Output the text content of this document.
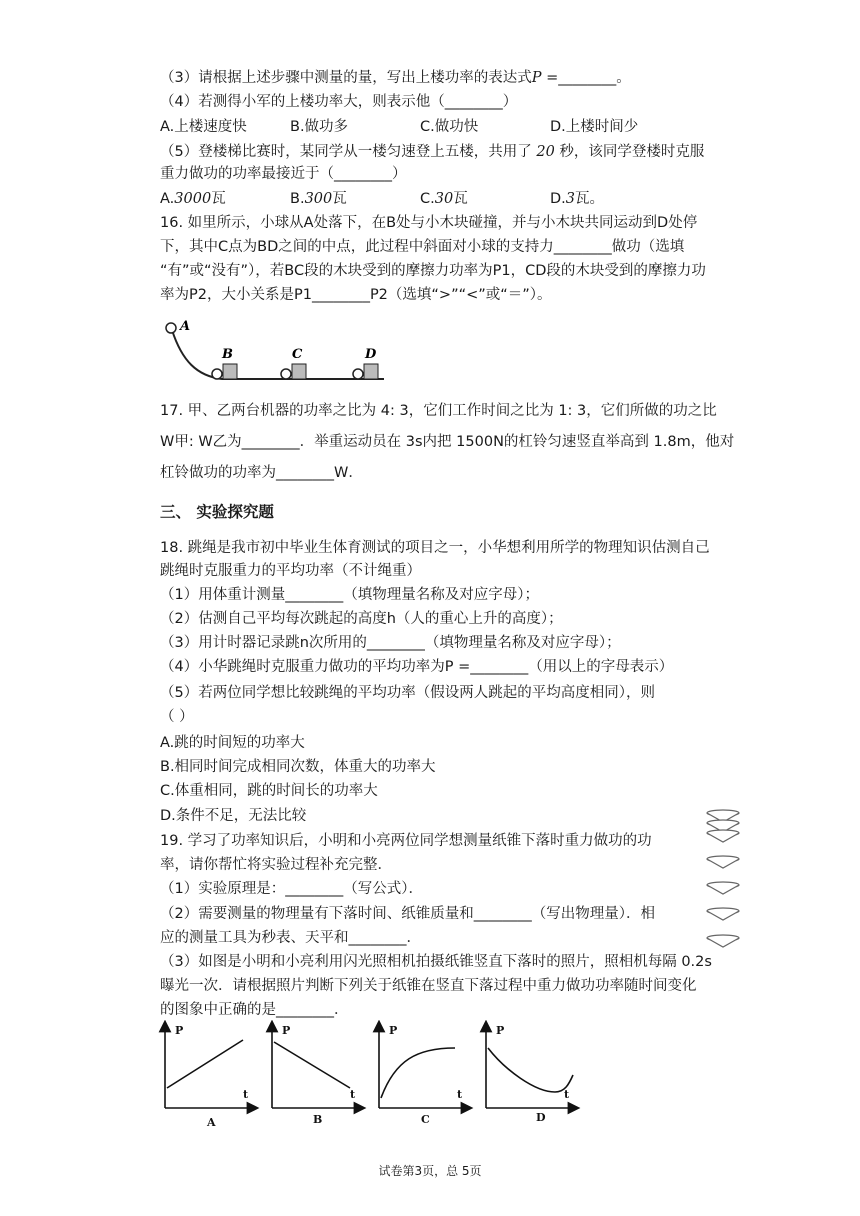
（3）请根据上述步骤中测量的量，写出上楼功率的表达式P =________。
（4）若测得小军的上楼功率大，则表示他（________）
A.上楼速度快	B.做功多	C.做功快	D.上楼时间少
（5）登楼梯比赛时，某同学从一楼匀速登上五楼，共用了 20 秒，该同学登楼时克服
重力做功的功率最接近于（________）
A.3000瓦	B.300瓦	C.30瓦	D.3瓦。
16. 如里所示，小球从A处落下，在B处与小木块碰撞，并与小木块共同运动到D处停
下，其中C点为BD之间的中点，此过程中斜面对小球的支持力________做功（选填
“有”或“没有”），若BC段的木块受到的摩擦力功率为P1，CD段的木块受到的摩擦力功
率为P2，大小关系是P1________P2（选填“>”“<”或“＝”）。
A
B	C	D
17. 甲、乙两台机器的功率之比为 4: 3，它们工作时间之比为 1: 3，它们所做的功之比
W甲: W乙为________．举重运动员在 3s内把 1500N的杠铃匀速竖直举高到 1.8m，他对
杠铃做功的功率为________W．
三、 实验探究题
18. 跳绳是我市初中毕业生体育测试的项目之一，小华想利用所学的物理知识估测自己
跳绳时克服重力的平均功率（不计绳重）
（1）用体重计测量________（填物理量名称及对应字母）；
（2）估测自己平均每次跳起的高度h（人的重心上升的高度）；
（3）用计时器记录跳n次所用的________（填物理量名称及对应字母）；
（4）小华跳绳时克服重力做功的平均功率为P =________（用以上的字母表示）
（5）若两位同学想比较跳绳的平均功率（假设两人跳起的平均高度相同），则
（ ）
A.跳的时间短的功率大
B.相同时间完成相同次数，体重大的功率大
C.体重相同，跳的时间长的功率大
D.条件不足，无法比较
19. 学习了功率知识后，小明和小亮两位同学想测量纸锥下落时重力做功的功
率，请你帮忙将实验过程补充完整．
（1）实验原理是：________（写公式）．
（2）需要测量的物理量有下落时间、纸锥质量和________（写出物理量）．相
应的测量工具为秒表、天平和________．
（3）如图是小明和小亮利用闪光照相机拍摄纸锥竖直下落时的照片，照相机每隔 0.2s
曝光一次．请根据照片判断下列关于纸锥在竖直下落过程中重力做功功率随时间变化
的图象中正确的是________．
P
t
P
t
P
t
P
t
A	B	C	D
试卷第3页，总 5页
